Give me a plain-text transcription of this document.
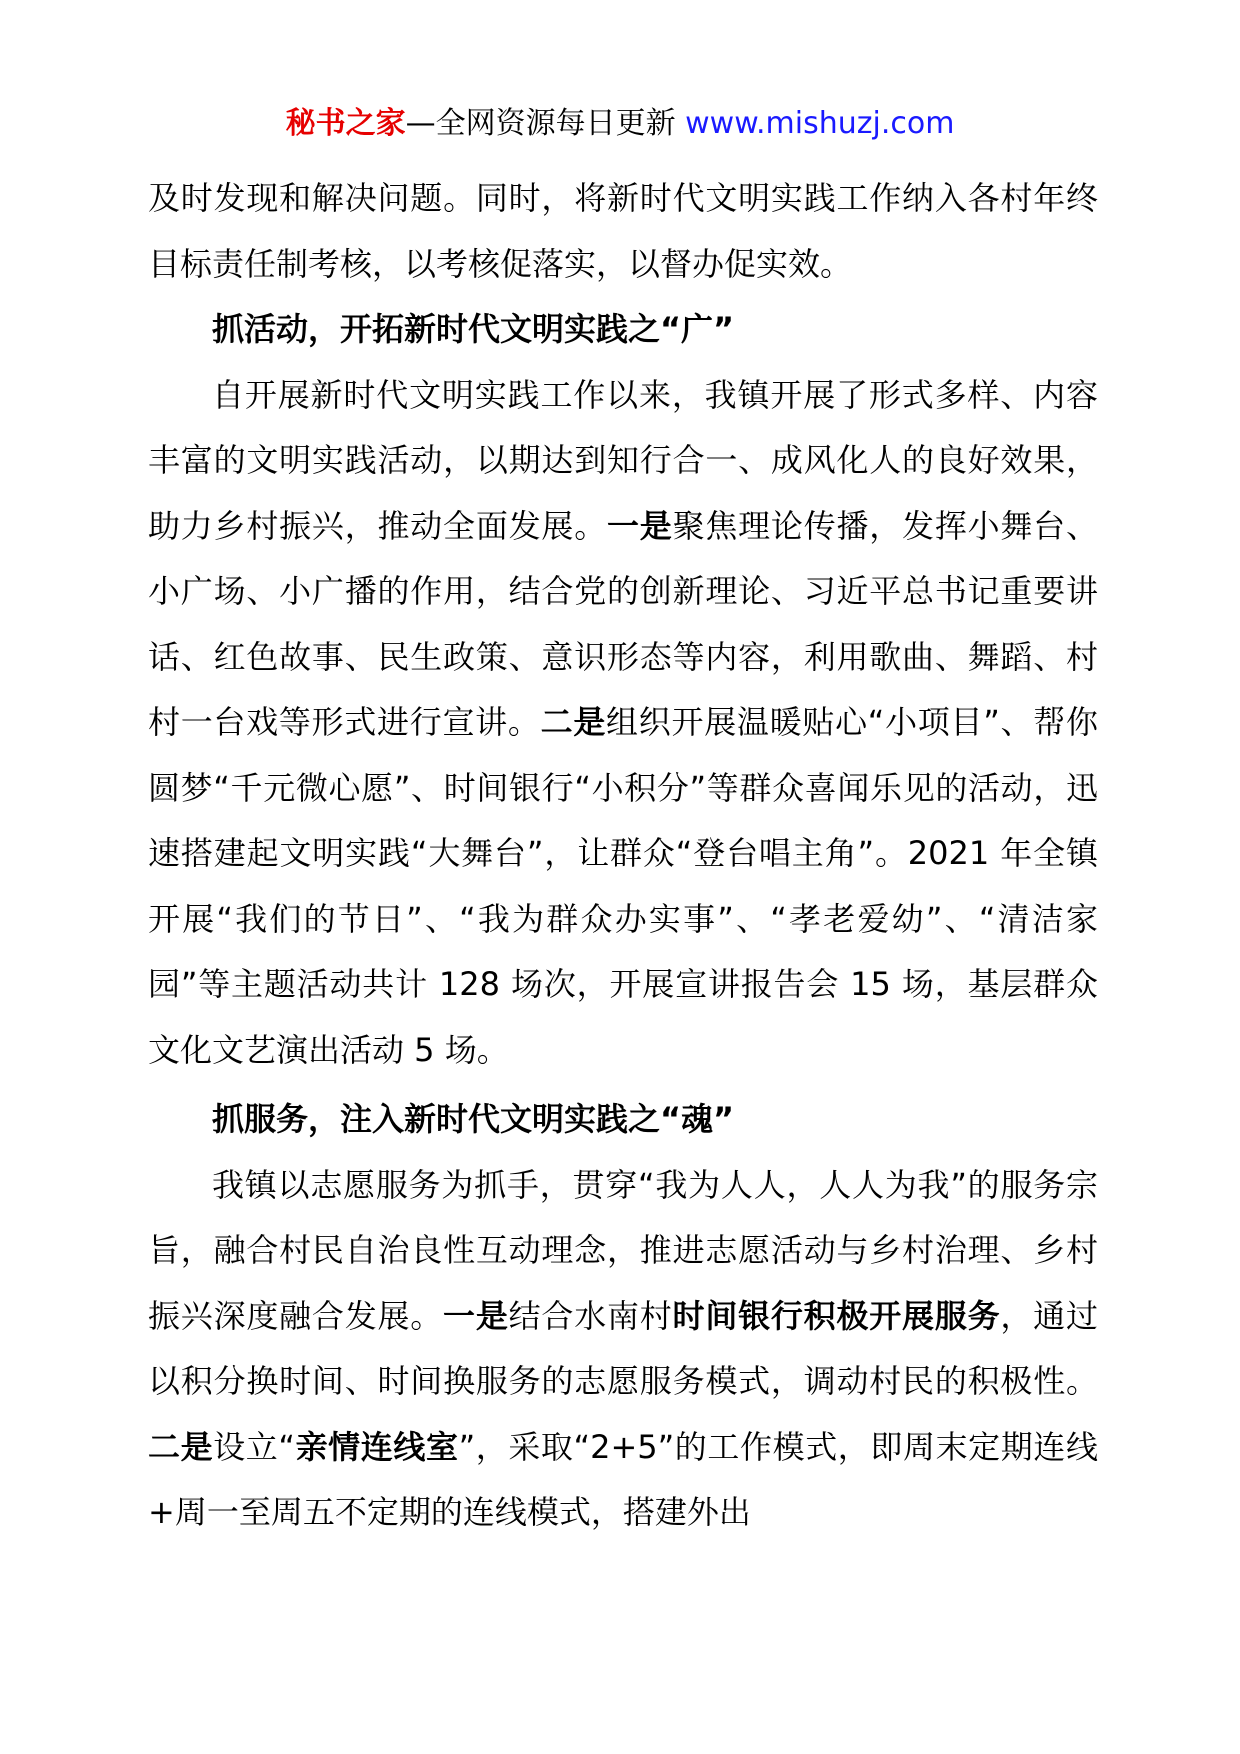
秘书之家—全网资源每日更新 www.mishuzj.com

及时发现和解决问题。同时，将新时代文明实践工作纳入各村年终目标责任制考核，以考核促落实，以督办促实效。

抓活动，开拓新时代文明实践之“广”

自开展新时代文明实践工作以来，我镇开展了形式多样、内容丰富的文明实践活动，以期达到知行合一、成风化人的良好效果，助力乡村振兴，推动全面发展。一是聚焦理论传播，发挥小舞台、小广场、小广播的作用，结合党的创新理论、习近平总书记重要讲话、红色故事、民生政策、意识形态等内容，利用歌曲、舞蹈、村村一台戏等形式进行宣讲。二是组织开展温暖贴心“小项目”、帮你圆梦“千元微心愿”、时间银行“小积分”等群众喜闻乐见的活动，迅速搭建起文明实践“大舞台”，让群众“登台唱主角”。2021 年全镇开展“我们的节日”、“我为群众办实事”、“孝老爱幼”、“清洁家园”等主题活动共计 128 场次，开展宣讲报告会 15 场，基层群众文化文艺演出活动 5 场。

抓服务，注入新时代文明实践之“魂”

我镇以志愿服务为抓手，贯穿“我为人人，人人为我”的服务宗旨，融合村民自治良性互动理念，推进志愿活动与乡村治理、乡村振兴深度融合发展。一是结合水南村时间银行积极开展服务，通过以积分换时间、时间换服务的志愿服务模式，调动村民的积极性。二是设立“亲情连线室”，采取“2+5”的工作模式，即周末定期连线+周一至周五不定期的连线模式，搭建外出
